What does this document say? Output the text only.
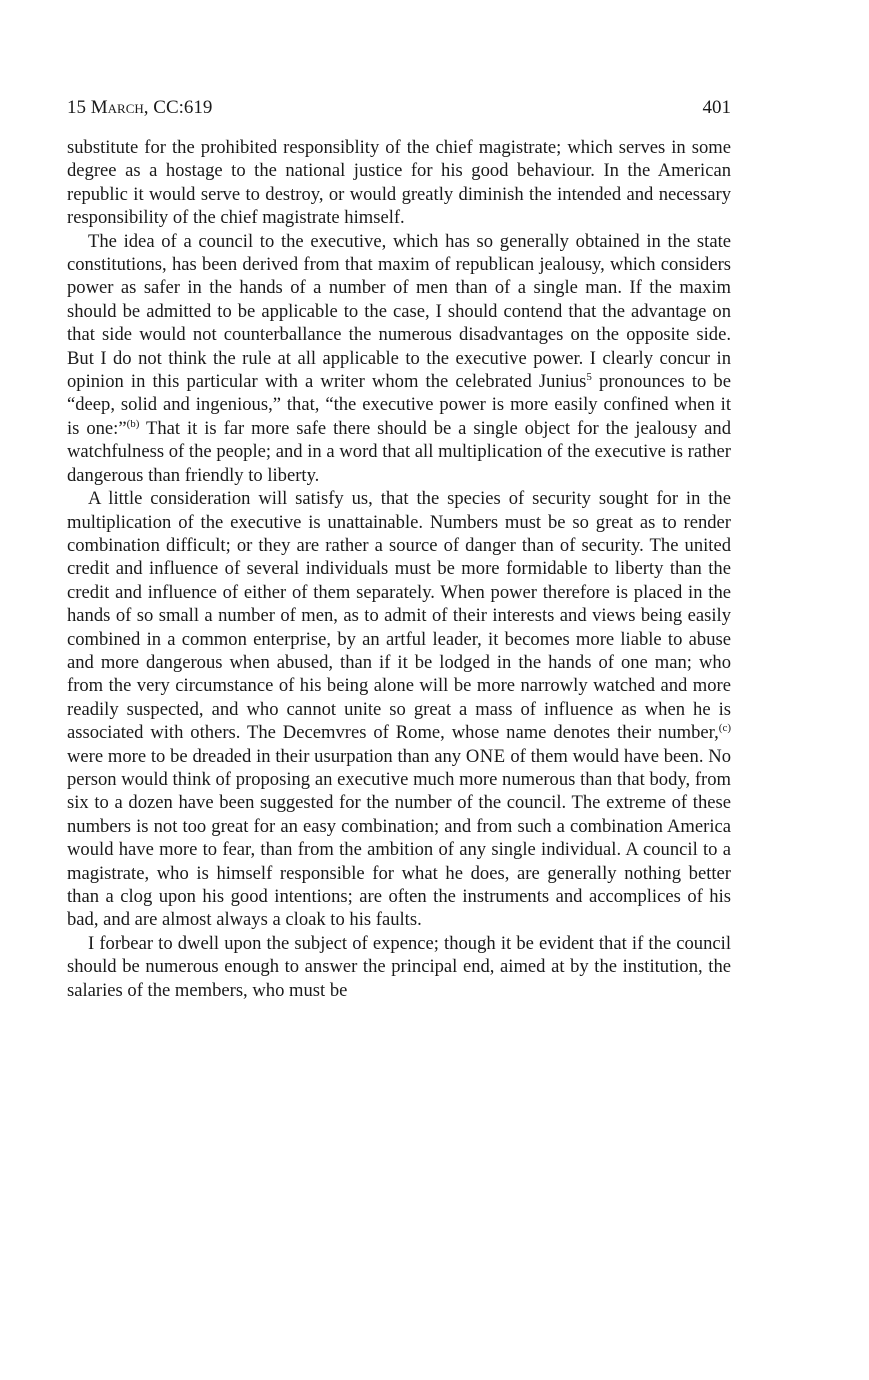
15 March, CC:619	401

substitute for the prohibited responsiblity of the chief magistrate; which serves in some degree as a hostage to the national justice for his good behaviour. In the American republic it would serve to destroy, or would greatly diminish the intended and necessary responsibility of the chief magistrate himself.

The idea of a council to the executive, which has so generally obtained in the state constitutions, has been derived from that maxim of republican jealousy, which considers power as safer in the hands of a number of men than of a single man. If the maxim should be admitted to be applicable to the case, I should contend that the advantage on that side would not counterballance the numerous disadvantages on the opposite side. But I do not think the rule at all applicable to the executive power. I clearly concur in opinion in this particular with a writer whom the celebrated Junius$^5$ pronounces to be “deep, solid and ingenious,” that, “the executive power is more easily confined when it is one:”$^{(b)}$ That it is far more safe there should be a single object for the jealousy and watchfulness of the people; and in a word that all multiplication of the executive is rather dangerous than friendly to liberty.

A little consideration will satisfy us, that the species of security sought for in the multiplication of the executive is unattainable. Numbers must be so great as to render combination difficult; or they are rather a source of danger than of security. The united credit and influence of several individuals must be more formidable to liberty than the credit and influence of either of them separately. When power therefore is placed in the hands of so small a number of men, as to admit of their interests and views being easily combined in a common enterprise, by an artful leader, it becomes more liable to abuse and more dangerous when abused, than if it be lodged in the hands of one man; who from the very circumstance of his being alone will be more narrowly watched and more readily suspected, and who cannot unite so great a mass of influence as when he is associated with others. The Decemvres of Rome, whose name denotes their number,$^{(c)}$ were more to be dreaded in their usurpation than any ONE of them would have been. No person would think of proposing an executive much more numerous than that body, from six to a dozen have been suggested for the number of the council. The extreme of these numbers is not too great for an easy combination; and from such a combination America would have more to fear, than from the ambition of any single individual. A council to a magistrate, who is himself responsible for what he does, are generally nothing better than a clog upon his good intentions; are often the instruments and accomplices of his bad, and are almost always a cloak to his faults.

I forbear to dwell upon the subject of expence; though it be evident that if the council should be numerous enough to answer the principal end, aimed at by the institution, the salaries of the members, who must be
